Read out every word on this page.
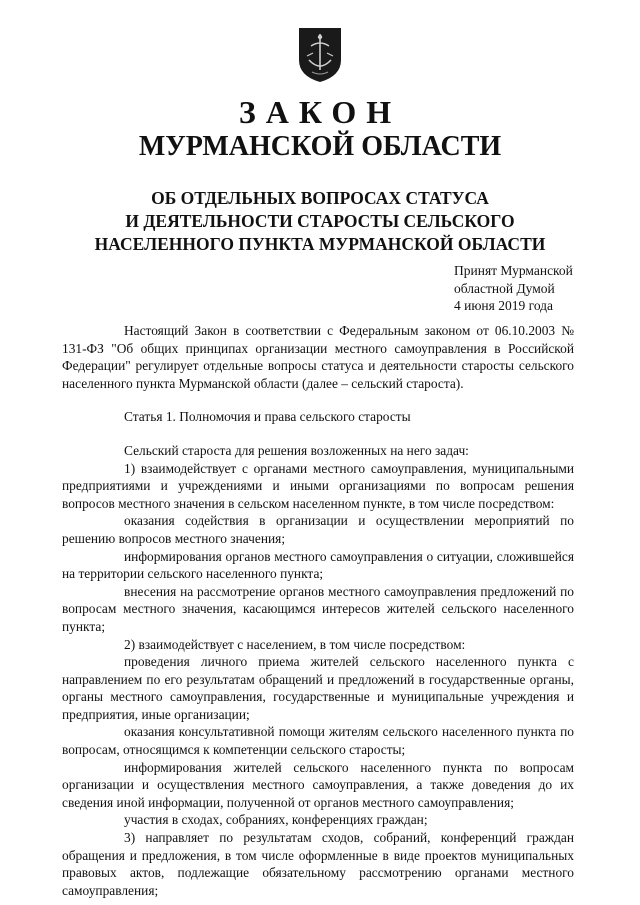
ЗАКОН
МУРМАНСКОЙ ОБЛАСТИ
ОБ ОТДЕЛЬНЫХ ВОПРОСАХ СТАТУСА
И ДЕЯТЕЛЬНОСТИ СТАРОСТЫ СЕЛЬСКОГО
НАСЕЛЕННОГО ПУНКТА МУРМАНСКОЙ ОБЛАСТИ
Принят Мурманской
областной Думой
4 июня 2019 года

Настоящий Закон в соответствии с Федеральным законом от 06.10.2003 № 131-ФЗ "Об общих принципах организации местного самоуправления в Российской Федерации" регулирует отдельные вопросы статуса и деятельности старосты сельского населенного пункта Мурманской области (далее – сельский староста).

Статья 1. Полномочия и права сельского старосты

Сельский староста для решения возложенных на него задач:

1) взаимодействует с органами местного самоуправления, муниципальными предприятиями и учреждениями и иными организациями по вопросам решения вопросов местного значения в сельском населенном пункте, в том числе посредством:

оказания содействия в организации и осуществлении мероприятий по решению вопросов местного значения;

информирования органов местного самоуправления о ситуации, сложившейся на территории сельского населенного пункта;

внесения на рассмотрение органов местного самоуправления предложений по вопросам местного значения, касающимся интересов жителей сельского населенного пункта;

2) взаимодействует с населением, в том числе посредством:

проведения личного приема жителей сельского населенного пункта с направлением по его результатам обращений и предложений в государственные органы, органы местного самоуправления, государственные и муниципальные учреждения и предприятия, иные организации;

оказания консультативной помощи жителям сельского населенного пункта по вопросам, относящимся к компетенции сельского старосты;

информирования жителей сельского населенного пункта по вопросам организации и осуществления местного самоуправления, а также доведения до их сведения иной информации, полученной от органов местного самоуправления;

участия в сходах, собраниях, конференциях граждан;

3) направляет по результатам сходов, собраний, конференций граждан обращения и предложения, в том числе оформленные в виде проектов муниципальных правовых актов, подлежащие обязательному рассмотрению органами местного самоуправления;
